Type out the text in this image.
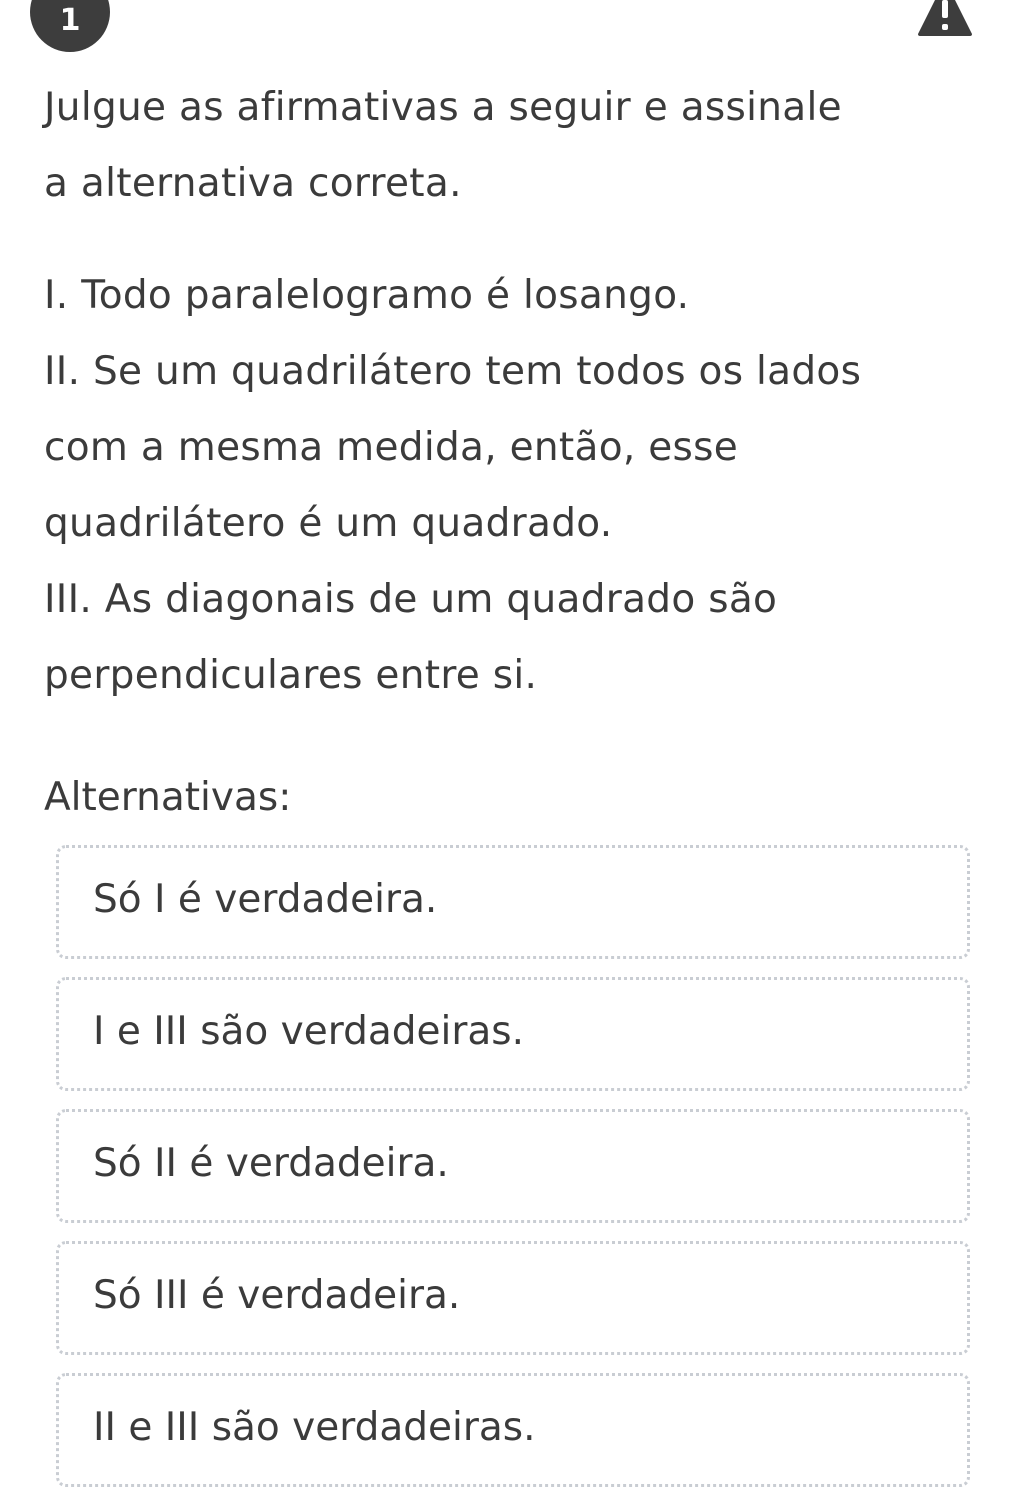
1

Julgue as afirmativas a seguir e assinale

a alternativa correta.

I. Todo paralelogramo é losango.

II. Se um quadrilátero tem todos os lados

com a mesma medida, então, esse

quadrilátero é um quadrado.

III. As diagonais de um quadrado são

perpendiculares entre si.

Alternativas:

Só I é verdadeira.
I e III são verdadeiras.
Só II é verdadeira.
Só III é verdadeira.
II e III são verdadeiras.
